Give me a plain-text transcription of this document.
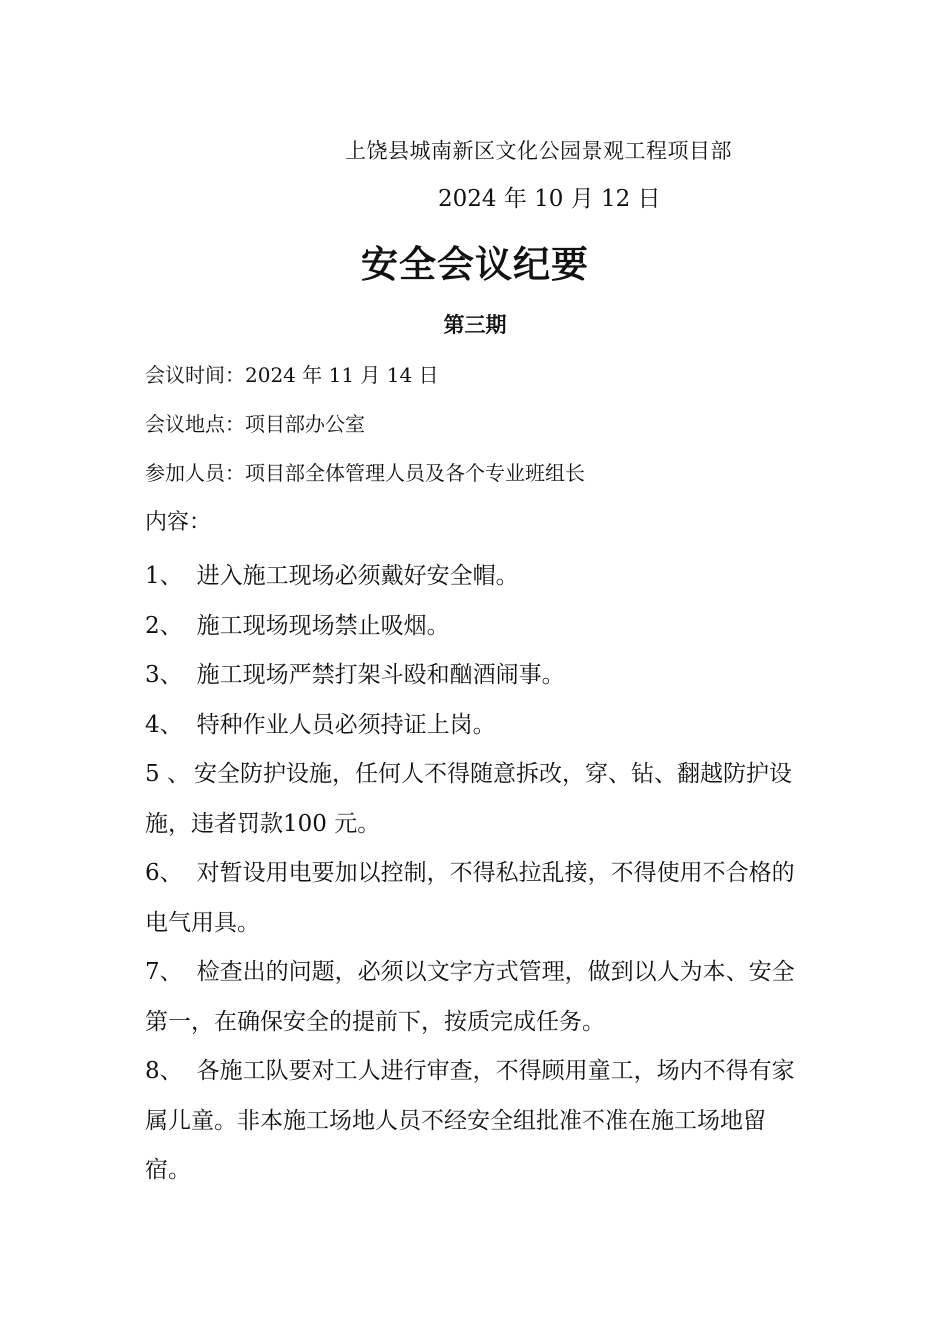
上饶县城南新区文化公园景观工程项目部
2024 年 10 月 12 日
安全会议纪要
第三期
会议时间：2024 年 11 月 14 日
会议地点：项目部办公室
参加人员：项目部全体管理人员及各个专业班组长
内容：

1、 进入施工现场必须戴好安全帽。

2、 施工现场现场禁止吸烟。

3、 施工现场严禁打架斗殴和酗酒闹事。

4、 特种作业人员必须持证上岗。

5 、 安全防护设施，任何人不得随意拆改，穿、钻、翻越防护设施，违者罚款100 元。

6、 对暂设用电要加以控制，不得私拉乱接，不得使用不合格的电气用具。

7、 检查出的问题，必须以文字方式管理，做到以人为本、安全第一，在确保安全的提前下，按质完成任务。

8、 各施工队要对工人进行审查，不得顾用童工，场内不得有家属儿童。非本施工场地人员不经安全组批准不准在施工场地留宿。
